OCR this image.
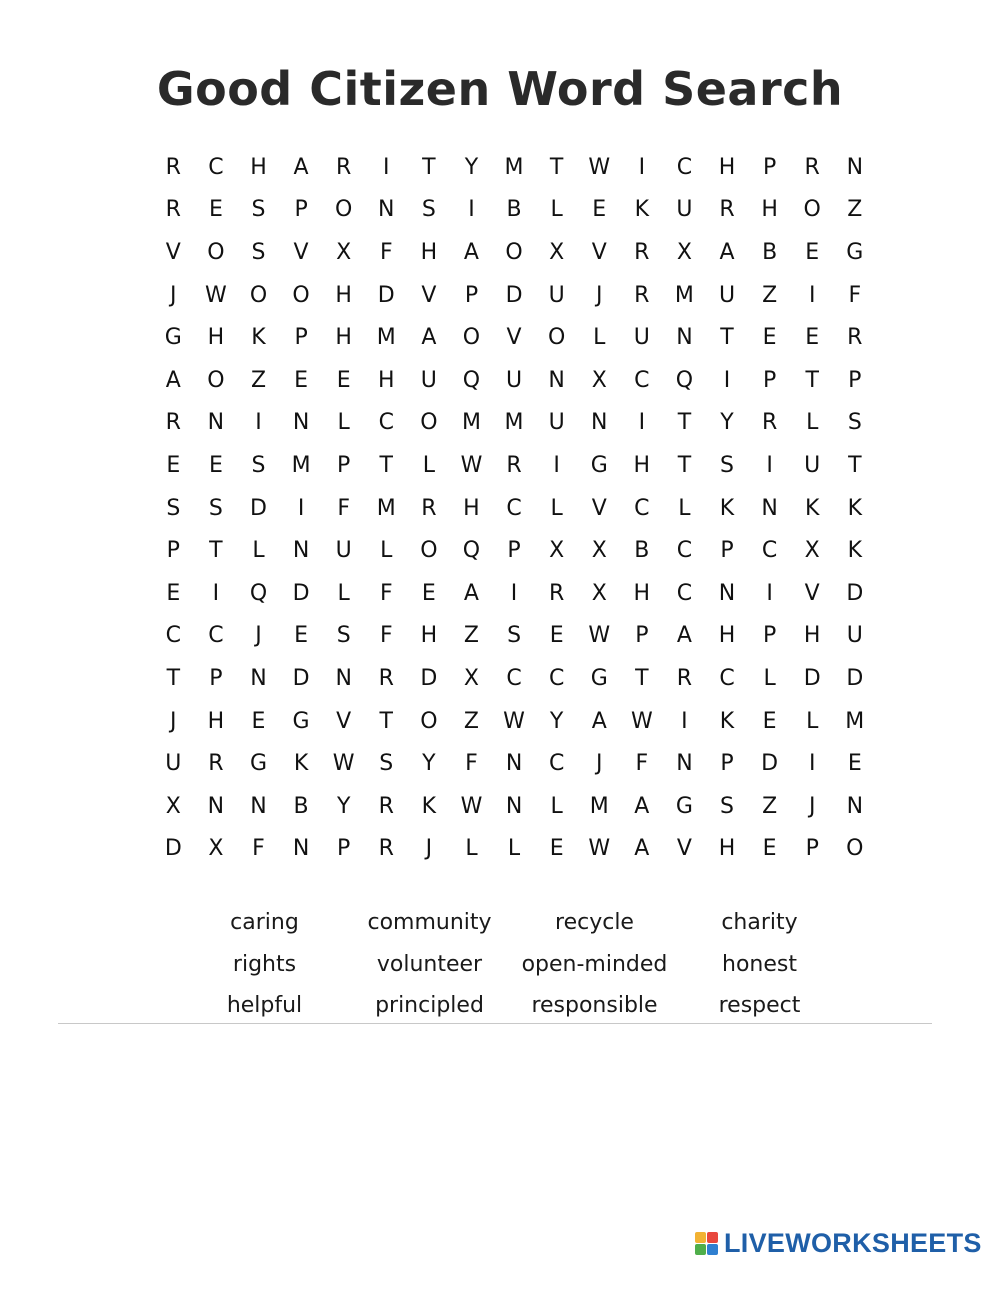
Good Citizen Word Search
R	C	H	A	R	I	T	Y	M	T	W	I	C	H	P	R	N
R	E	S	P	O	N	S	I	B	L	E	K	U	R	H	O	Z
V	O	S	V	X	F	H	A	O	X	V	R	X	A	B	E	G
J	W	O	O	H	D	V	P	D	U	J	R	M	U	Z	I	F
G	H	K	P	H	M	A	O	V	O	L	U	N	T	E	E	R
A	O	Z	E	E	H	U	Q	U	N	X	C	Q	I	P	T	P
R	N	I	N	L	C	O	M	M	U	N	I	T	Y	R	L	S
E	E	S	M	P	T	L	W	R	I	G	H	T	S	I	U	T
S	S	D	I	F	M	R	H	C	L	V	C	L	K	N	K	K
P	T	L	N	U	L	O	Q	P	X	X	B	C	P	C	X	K
E	I	Q	D	L	F	E	A	I	R	X	H	C	N	I	V	D
C	C	J	E	S	F	H	Z	S	E	W	P	A	H	P	H	U
T	P	N	D	N	R	D	X	C	C	G	T	R	C	L	D	D
J	H	E	G	V	T	O	Z	W	Y	A	W	I	K	E	L	M
U	R	G	K	W	S	Y	F	N	C	J	F	N	P	D	I	E
X	N	N	B	Y	R	K	W	N	L	M	A	G	S	Z	J	N
D	X	F	N	P	R	J	L	L	E	W	A	V	H	E	P	O
caring	community	recycle	charity
rights	volunteer	open-minded	honest
helpful	principled	responsible	respect
LIVEWORKSHEETS
